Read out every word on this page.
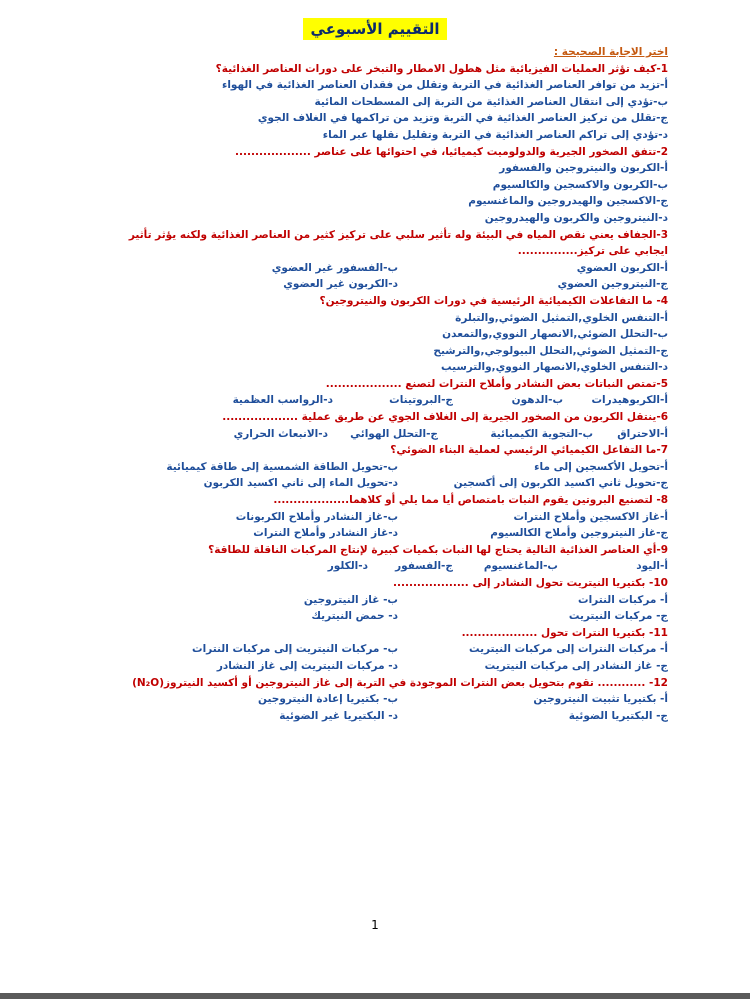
التقييم الأسبوعي
اختر الاجابة الصحيحة :
1-كيف تؤثر العمليات الفيزيائية مثل هطول الامطار والتبخر على دورات العناصر الغذائية؟
أ-تزيد من توافر العناصر الغذائية في التربة وتقلل من فقدان العناصر الغذائية في الهواء
ب-تؤدي إلى انتقال العناصر الغذائية من التربة إلى المسطحات المائية
ج-تقلل من تركيز العناصر الغذائية في التربة وتزيد من تراكمها في الغلاف الجوي
د-تؤدي إلى تراكم العناصر الغذائية في التربة وتقليل نقلها عبر الماء
2-تتفق الصخور الجيرية والدولوميت كيميائيا، في احتوائها على عناصر ...................
أ-الكربون والنيتروجين والفسفور
ب-الكربون والاكسجين والكالسيوم
ج-الاكسجين والهيدروجين والماغنسيوم
د-النيتروجين والكربون والهيدروجين
3-الجفاف يعني نقص المياه في البيئة وله تأثير سلبي على تركيز كثير من العناصر الغذائية ولكنه يؤثر تأثير ايجابي على تركيز...............
أ-الكربون العضوي
ب-الفسفور غير العضوي
ج-النيتروجين العضوي
د-الكربون غير العضوي
4- ما التفاعلات الكيميائية الرئيسية في دورات الكربون والنيتروجين؟
أ-التنفس الخلوي,التمثيل الضوئي,والتبلرة
ب-التحلل الضوئي,الانصهار النووي,والتمعدن
ج-التمثيل الضوئي,التحلل البيولوجي,والترشيح
د-التنفس الخلوي,الانصهار النووي,والترسيب
5-تمتص النباتات بعض النشادر وأملاح النترات لتصنع ...................
أ-الكربوهيدرات
ب-الدهون
ج-البروتينات
د-الرواسب العظمية
6-ينتقل الكربون من الصخور الجيرية إلى الغلاف الجوي عن طريق عملية ...................
أ-الاحتراق
ب-التجوية الكيميائية
ج-التحلل الهوائي
د-الانبعاث الحراري
7-ما التفاعل الكيميائي الرئيسي لعملية البناء الضوئي؟
أ-تحويل الأكسجين إلى ماء
ب-تحويل الطاقة الشمسية إلى طاقة كيميائية
ج-تحويل ثاني اكسيد الكربون إلى أكسجين
د-تحويل الماء إلى ثاني اكسيد الكربون
8- لتصنيع البروتين يقوم النبات بامتصاص أيا مما يلي أو كلاهما...................
أ-غاز الاكسجين وأملاح النترات
ب-غاز النشادر وأملاح الكربونات
ج-غاز النيتروجين وأملاح الكالسيوم
د-غاز النشادر وأملاح النترات
9-أي العناصر الغذائية التالية يحتاج لها النبات بكميات كبيرة لإنتاج المركبات الناقلة للطاقة؟
أ-اليود
ب-الماغنسيوم
ج-الفسفور
د-الكلور
10- بكتيريا النيتريت تحول النشادر إلى ...................
أ- مركبات النترات
ب- غاز النيتروجين
ج- مركبات النيتريت
د- حمض النيتريك
11- بكتيريا النترات تحول ...................
أ- مركبات النترات إلى مركبات النيتريت
ب- مركبات النيتريت إلى مركبات النترات
ج- غاز النشادر إلى مركبات النيتريت
د- مركبات النيتريت إلى غاز النشادر
12- ............ تقوم بتحويل بعض النترات الموجودة في التربة إلى غاز النيتروجين أو أكسيد النيتروز(N₂O)
أ- بكتيريا تثبيت النيتروجين
ب- بكتيريا إعادة النيتروجين
ج- البكتيريا الضوئية
د- البكتيريا غير الضوئية
1
